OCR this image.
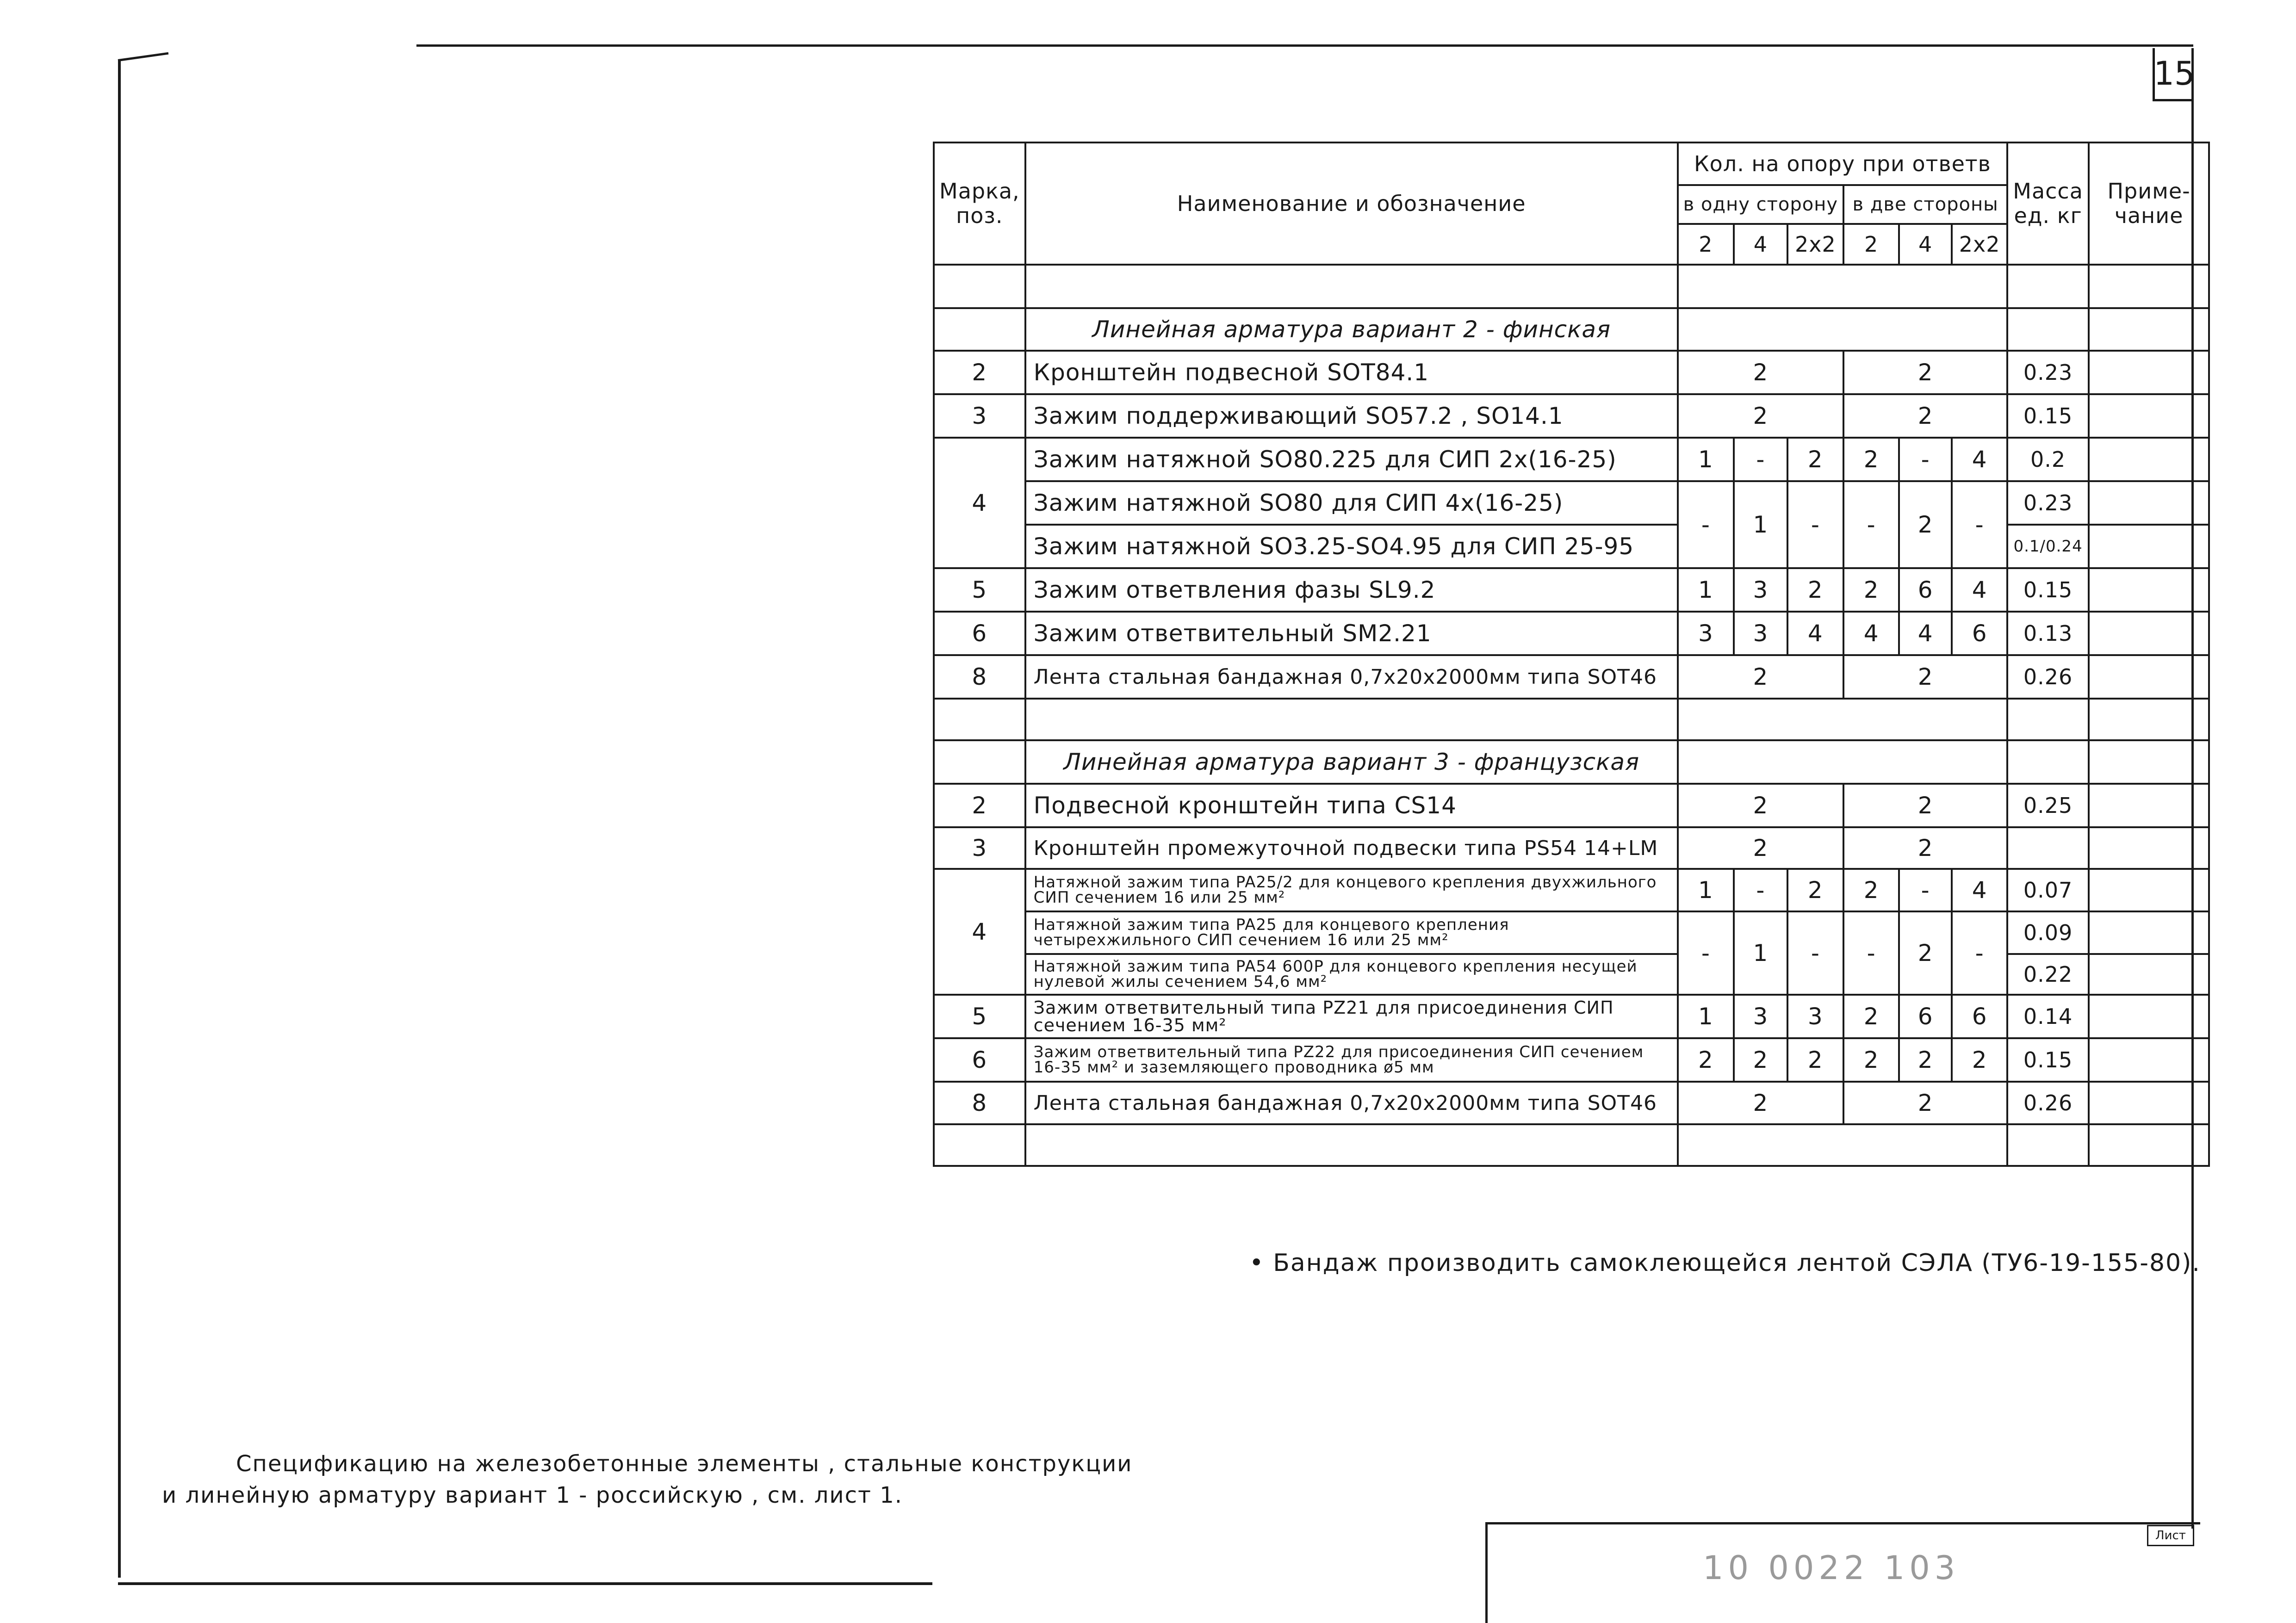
15
Марка, поз.	Наименование и обозначение	Кол. на опору при ответв						Масса ед. кг	Приме- чание
		в одну сторону			в две стороны				
		2	4	2x2	2	4	2x2		

	Линейная арматура вариант 2 - финская								
2	Кронштейн подвесной SOT84.1	2			2			0.23	
3	Зажим поддерживающий SO57.2 , SO14.1	2			2			0.15	
4	Зажим натяжной SO80.225 для СИП 2x(16-25)	1	-	2	2	-	4	0.2	
	Зажим натяжной SO80 для СИП 4x(16-25)	-	1	-	-	2	-	0.23	
	Зажим натяжной SO3.25-SO4.95 для СИП 25-95							0.1/0.24	
5	Зажим ответвления фазы SL9.2	1	3	2	2	6	4	0.15	
6	Зажим ответвительный SM2.21	3	3	4	4	4	6	0.13	
8	Лента стальная бандажная 0,7x20x2000мм типа SOT46	2			2			0.26	

	Линейная арматура вариант 3 - французская								
2	Подвесной кронштейн типа CS14	2			2			0.25	
3	Кронштейн промежуточной подвески типа PS54 14+LM	2			2				
4	Натяжной зажим типа PA25/2 для концевого крепления двухжильного СИП сечением 16 или 25 мм²	1	-	2	2	-	4	0.07	
	Натяжной зажим типа PA25 для концевого крепления четырехжильного СИП сечением 16 или 25 мм²	-	1	-	-	2	-	0.09	
	Натяжной зажим типа PA54 600P для концевого крепления несущей нулевой жилы сечением 54,6 мм²							0.22	
5	Зажим ответвительный типа PZ21 для присоединения СИП сечением 16-35 мм²	1	3	3	2	6	6	0.14	
6	Зажим ответвительный типа PZ22 для присоединения СИП сечением 16-35 мм² и заземляющего проводника ø5 мм	2	2	2	2	2	2	0.15	
8	Лента стальная бандажная 0,7x20x2000мм типа SOT46	2			2			0.26	

• Бандаж производить самоклеющейся лентой СЭЛА (ТУ6-19-155-80).
Спецификацию на железобетонные элементы , стальные конструкции
и линейную арматуру вариант 1 - российскую , см. лист 1.
10 0022 103
Лист
